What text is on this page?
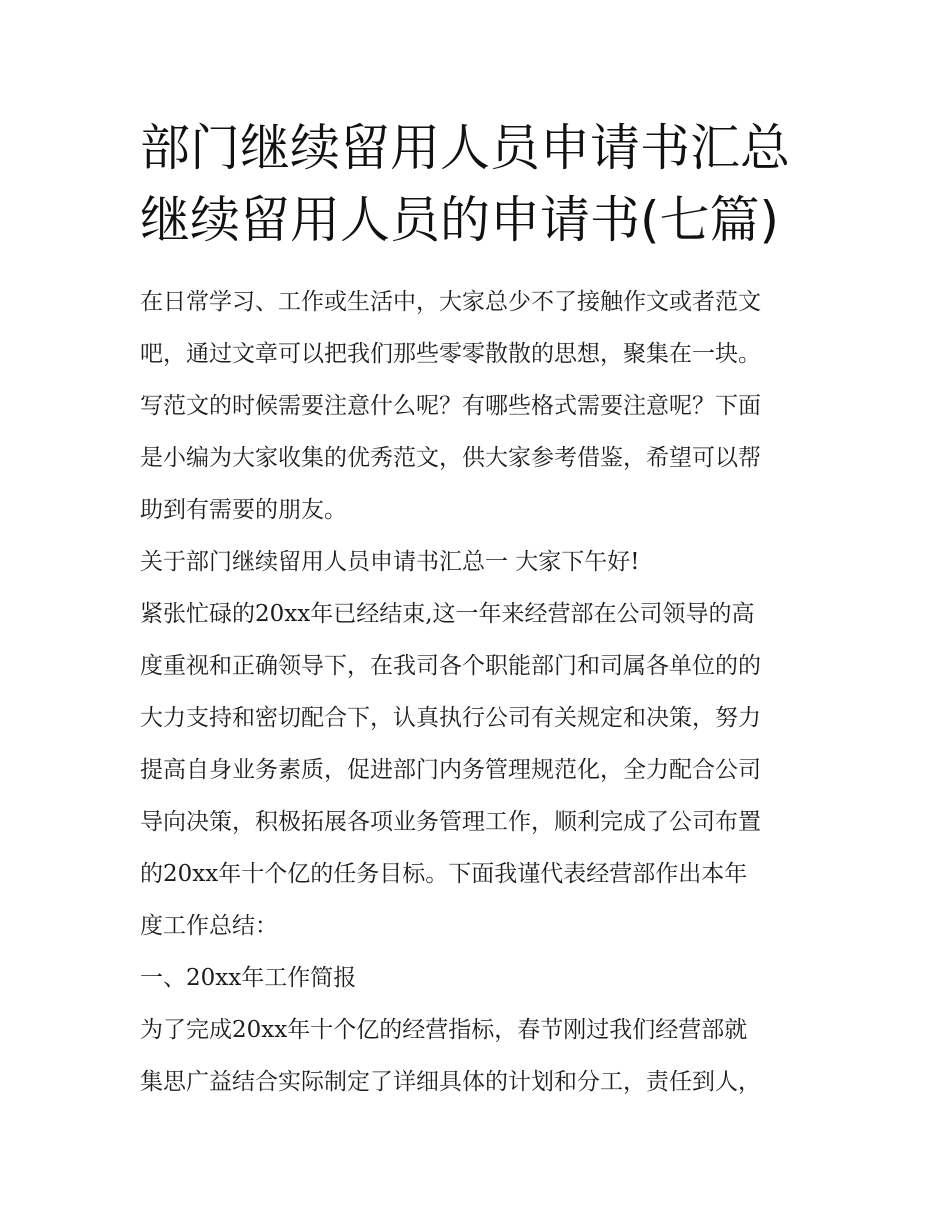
部门继续留用人员申请书汇总
继续留用人员的申请书(七篇)

在日常学习、工作或生活中，大家总少不了接触作文或者范文
吧，通过文章可以把我们那些零零散散的思想，聚集在一块。
写范文的时候需要注意什么呢？有哪些格式需要注意呢？下面
是小编为大家收集的优秀范文，供大家参考借鉴，希望可以帮
助到有需要的朋友。

关于部门继续留用人员申请书汇总一 大家下午好!

紧张忙碌的20xx年已经结束,这一年来经营部在公司领导的高
度重视和正确领导下，在我司各个职能部门和司属各单位的的
大力支持和密切配合下，认真执行公司有关规定和决策，努力
提高自身业务素质，促进部门内务管理规范化，全力配合公司
导向决策，积极拓展各项业务管理工作，顺利完成了公司布置
的20xx年十个亿的任务目标。下面我谨代表经营部作出本年
度工作总结：

一、20xx年工作简报

为了完成20xx年十个亿的经营指标，春节刚过我们经营部就
集思广益结合实际制定了详细具体的计划和分工，责任到人，
